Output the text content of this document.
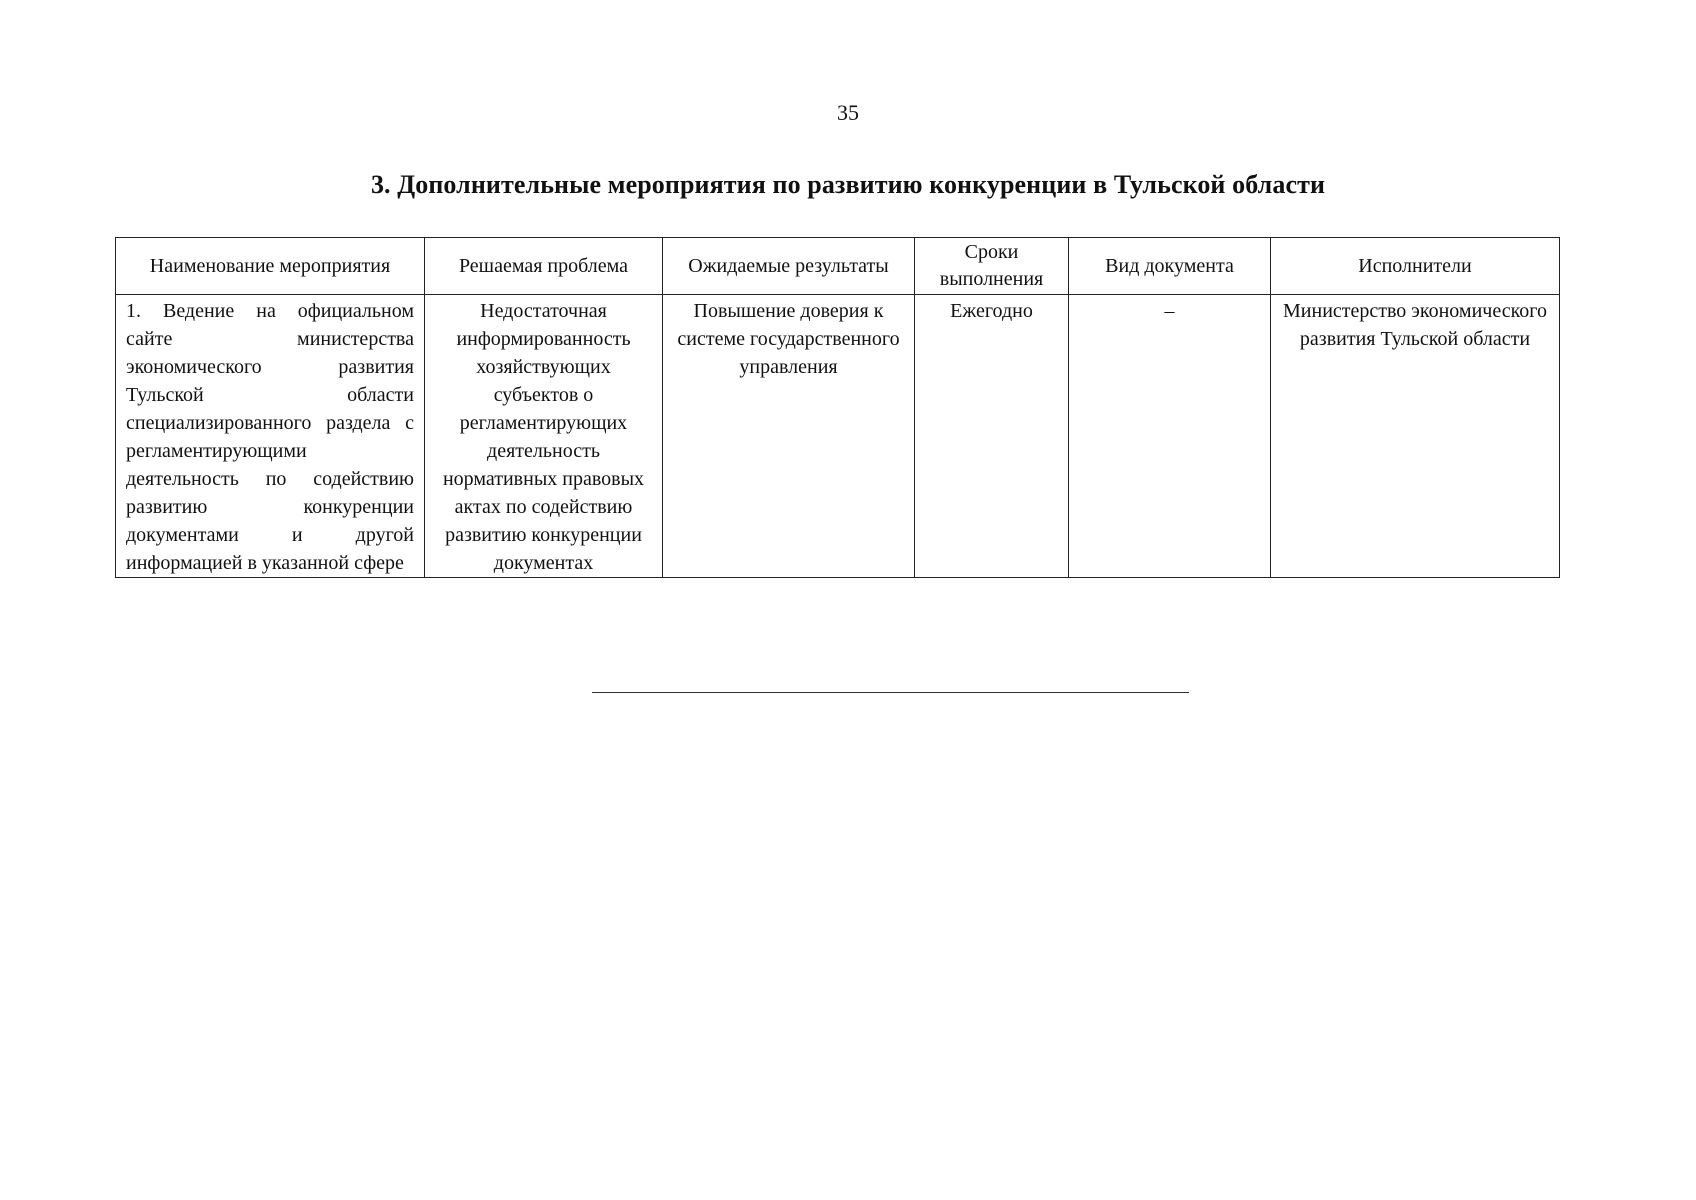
35
3. Дополнительные мероприятия по развитию конкуренции в Тульской области
Наименование мероприятия	Решаемая проблема	Ожидаемые результаты	Сроки выполнения	Вид документа	Исполнители
1. Ведение на официальном сайте министерства экономического развития Тульской области специализированного раздела с регламентирующими деятельность по содействию развитию конкуренции документами и другой информацией в указанной сфере	Недостаточная информированность хозяйствующих субъектов о регламентирующих деятельность нормативных правовых актах по содействию развитию конкуренции документах	Повышение доверия к системе государственного управления	Ежегодно	–	Министерство экономического развития Тульской области
